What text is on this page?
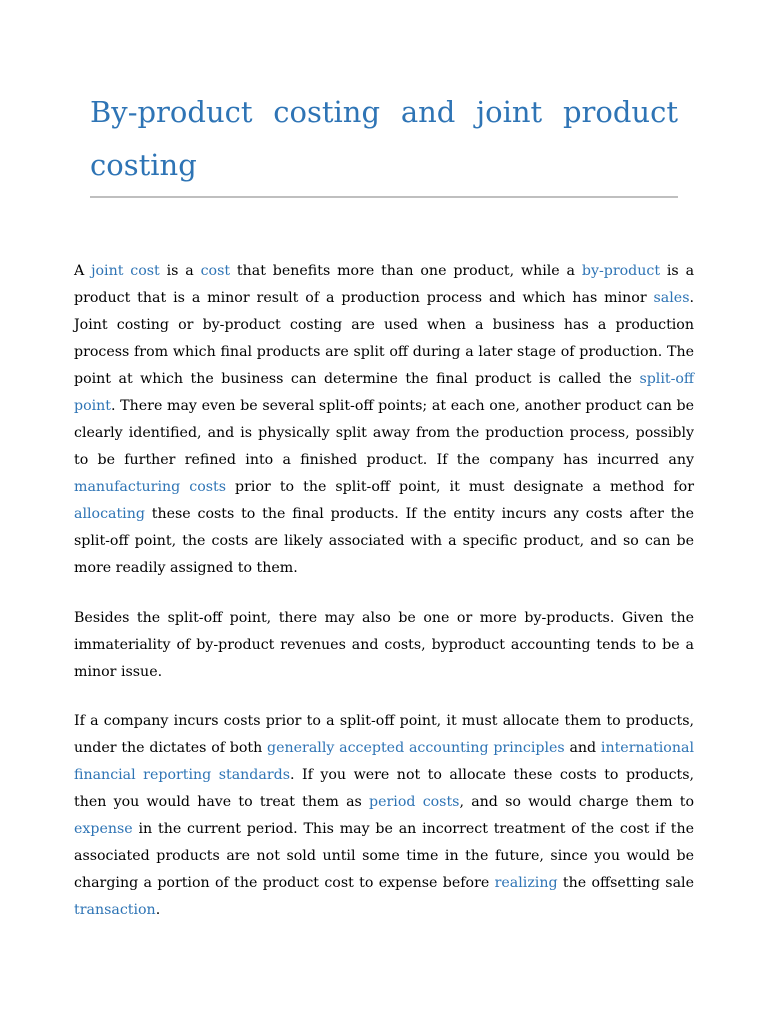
By-product costing and joint product costing

A joint cost is a cost that benefits more than one product, while a by-product is a product that is a minor result of a production process and which has minor sales. Joint costing or by-product costing are used when a business has a production process from which final products are split off during a later stage of production. The point at which the business can determine the final product is called the split-off point. There may even be several split-off points; at each one, another product can be clearly identified, and is physically split away from the production process, possibly to be further refined into a finished product. If the company has incurred any manufacturing costs prior to the split-off point, it must designate a method for allocating these costs to the final products. If the entity incurs any costs after the split-off point, the costs are likely associated with a specific product, and so can be more readily assigned to them.

Besides the split-off point, there may also be one or more by-products. Given the immateriality of by-product revenues and costs, byproduct accounting tends to be a minor issue.

If a company incurs costs prior to a split-off point, it must allocate them to products, under the dictates of both generally accepted accounting principles and international financial reporting standards. If you were not to allocate these costs to products, then you would have to treat them as period costs, and so would charge them to expense in the current period. This may be an incorrect treatment of the cost if the associated products are not sold until some time in the future, since you would be charging a portion of the product cost to expense before realizing the offsetting sale transaction.
